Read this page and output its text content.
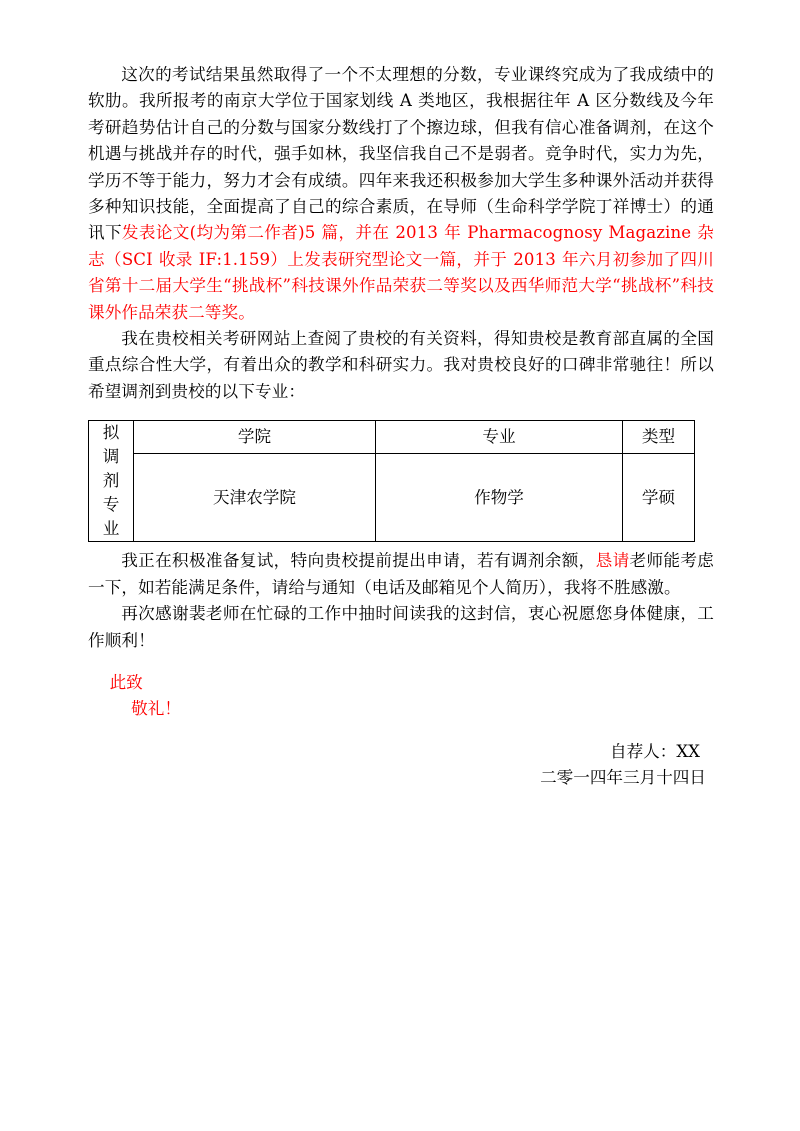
这次的考试结果虽然取得了一个不太理想的分数，专业课终究成为了我成绩中的软肋。我所报考的南京大学位于国家划线 A 类地区，我根据往年 A 区分数线及今年考研趋势估计自己的分数与国家分数线打了个擦边球，但我有信心准备调剂，在这个机遇与挑战并存的时代，强手如林，我坚信我自己不是弱者。竞争时代，实力为先，学历不等于能力，努力才会有成绩。四年来我还积极参加大学生多种课外活动并获得多种知识技能，全面提高了自己的综合素质，在导师（生命科学学院丁祥博士）的通讯下发表论文(均为第二作者)5 篇，并在 2013 年 Pharmacognosy Magazine 杂志（SCI 收录 IF:1.159）上发表研究型论文一篇，并于 2013 年六月初参加了四川省第十二届大学生“挑战杯”科技课外作品荣获二等奖以及西华师范大学“挑战杯”科技课外作品荣获二等奖。

我在贵校相关考研网站上查阅了贵校的有关资料，得知贵校是教育部直属的全国重点综合性大学，有着出众的教学和科研实力。我对贵校良好的口碑非常驰往！所以希望调剂到贵校的以下专业：

拟
调
剂
专
业	学院	专业	类型
	天津农学院	作物学	学硕

我正在积极准备复试，特向贵校提前提出申请，若有调剂余额，恳请老师能考虑一下，如若能满足条件，请给与通知（电话及邮箱见个人简历），我将不胜感激。

再次感谢裴老师在忙碌的工作中抽时间读我的这封信，衷心祝愿您身体健康，工作顺利！

此致

敬礼！

自荐人：XX
二零一四年三月十四日
